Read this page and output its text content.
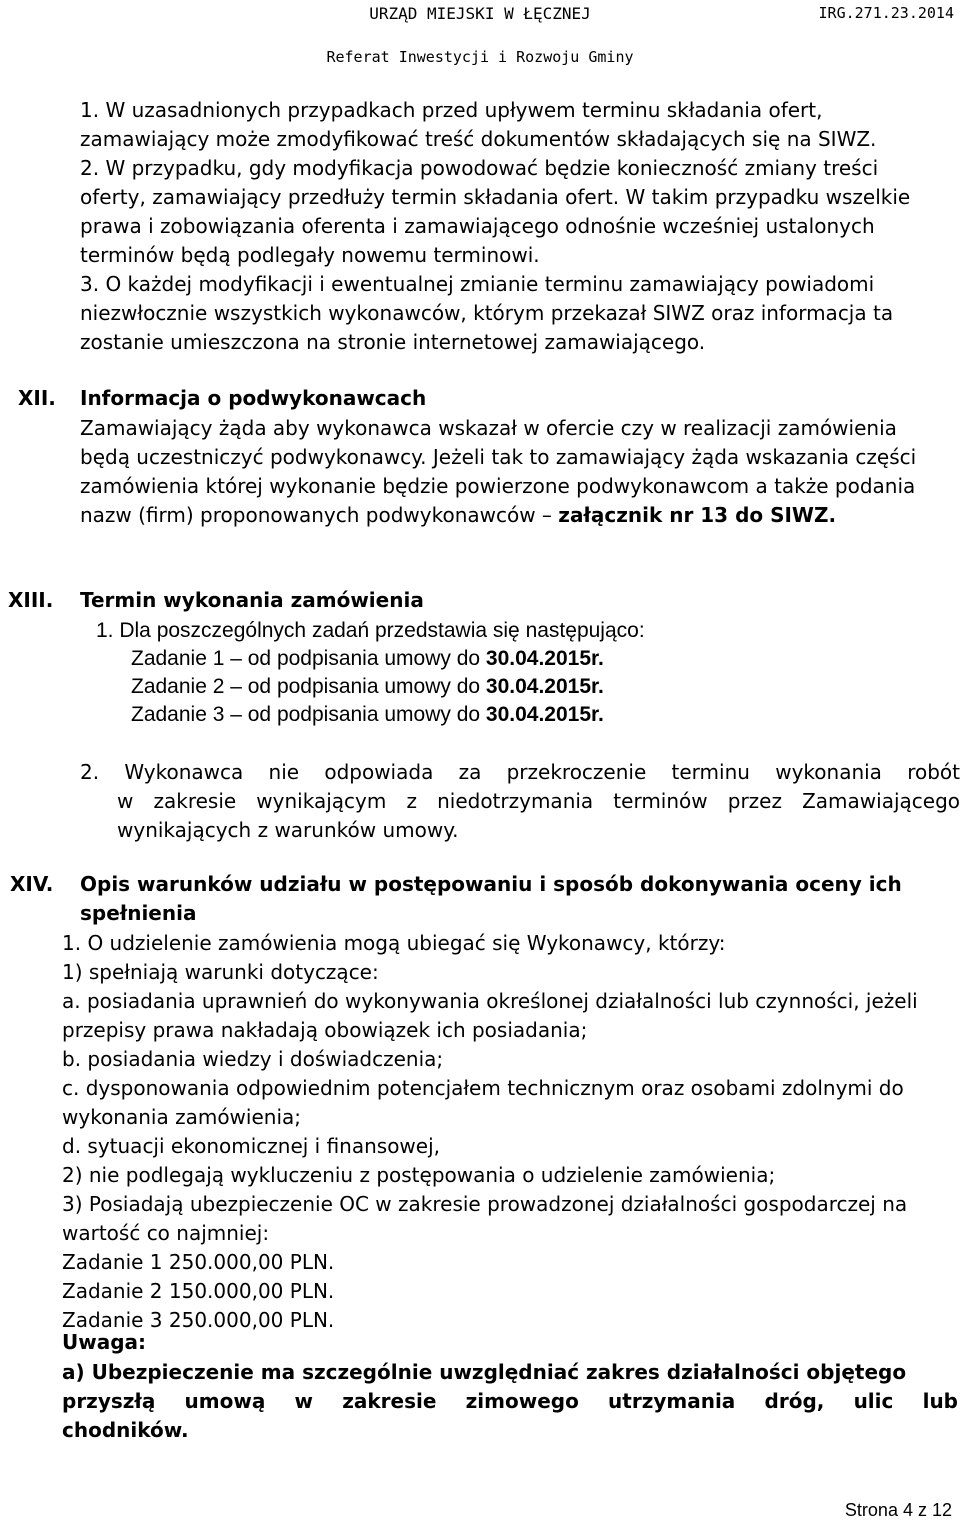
URZĄD MIEJSKI W ŁĘCZNEJ	IRG.271.23.2014
Referat Inwestycji i Rozwoju Gminy
1. W uzasadnionych przypadkach przed upływem terminu składania ofert,
zamawiający może zmodyfikować treść dokumentów składających się na SIWZ.
2. W przypadku, gdy modyfikacja powodować będzie konieczność zmiany treści
oferty, zamawiający przedłuży termin składania ofert. W takim przypadku wszelkie
prawa i zobowiązania oferenta i zamawiającego odnośnie wcześniej ustalonych
terminów będą podlegały nowemu terminowi.
3. O każdej modyfikacji i ewentualnej zmianie terminu zamawiający powiadomi
niezwłocznie wszystkich wykonawców, którym przekazał SIWZ oraz informacja ta
zostanie umieszczona na stronie internetowej zamawiającego.
XII. Informacja o podwykonawcach
Zamawiający żąda aby wykonawca wskazał w ofercie czy w realizacji zamówienia
będą uczestniczyć podwykonawcy. Jeżeli tak to zamawiający żąda wskazania części
zamówienia której wykonanie będzie powierzone podwykonawcom a także podania
nazw (firm) proponowanych podwykonawców – załącznik nr 13 do SIWZ.
XIII. Termin wykonania zamówienia
1. Dla poszczególnych zadań przedstawia się następująco:
Zadanie 1 – od podpisania umowy do 30.04.2015r.
Zadanie 2 – od podpisania umowy do 30.04.2015r.
Zadanie 3 – od podpisania umowy do 30.04.2015r.
2. Wykonawca nie odpowiada za przekroczenie terminu wykonania robót
w zakresie wynikającym z niedotrzymania terminów przez Zamawiającego
wynikających z warunków umowy.
XIV. Opis warunków udziału w postępowaniu i sposób dokonywania oceny ich
spełnienia
1. O udzielenie zamówienia mogą ubiegać się Wykonawcy, którzy:
1) spełniają warunki dotyczące:
a. posiadania uprawnień do wykonywania określonej działalności lub czynności, jeżeli
przepisy prawa nakładają obowiązek ich posiadania;
b. posiadania wiedzy i doświadczenia;
c. dysponowania odpowiednim potencjałem technicznym oraz osobami zdolnymi do
wykonania zamówienia;
d. sytuacji ekonomicznej i finansowej,
2) nie podlegają wykluczeniu z postępowania o udzielenie zamówienia;
3) Posiadają ubezpieczenie OC w zakresie prowadzonej działalności gospodarczej na
wartość co najmniej:
Zadanie 1 250.000,00 PLN.
Zadanie 2 150.000,00 PLN.
Zadanie 3 250.000,00 PLN.
Uwaga:
a) Ubezpieczenie ma szczególnie uwzględniać zakres działalności objętego
przyszłą umową w zakresie zimowego utrzymania dróg, ulic lub
chodników.
Strona 4 z 12
